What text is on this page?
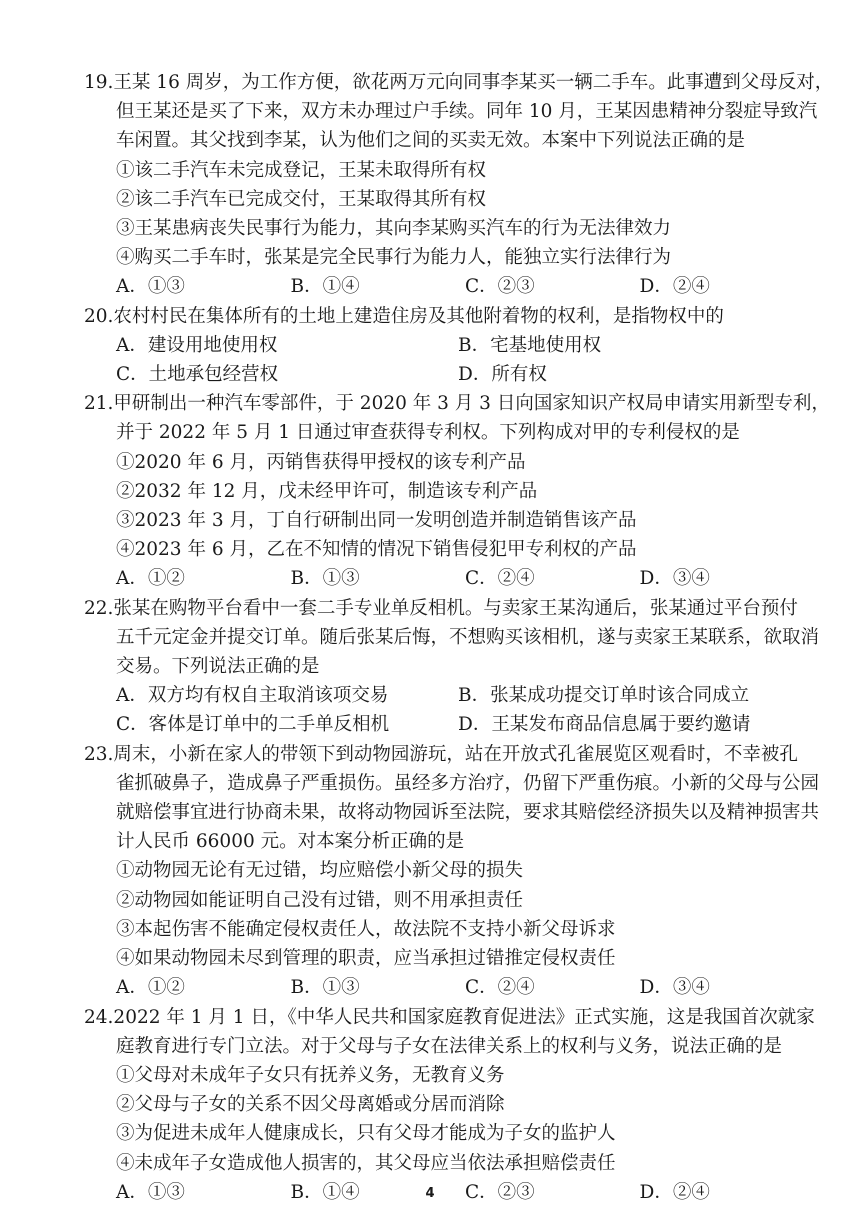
19.王某 16 周岁，为工作方便，欲花两万元向同事李某买一辆二手车。此事遭到父母反对，
但王某还是买了下来，双方未办理过户手续。同年 10 月，王某因患精神分裂症导致汽
车闲置。其父找到李某，认为他们之间的买卖无效。本案中下列说法正确的是
①该二手汽车未完成登记，王某未取得所有权
②该二手汽车已完成交付，王某取得其所有权
③王某患病丧失民事行为能力，其向李某购买汽车的行为无法律效力
④购买二手车时，张某是完全民事行为能力人，能独立实行法律行为
A．①③	B．①④	C．②③	D．②④
20.农村村民在集体所有的土地上建造住房及其他附着物的权利，是指物权中的
A．建设用地使用权	B．宅基地使用权
C．土地承包经营权	D．所有权
21.甲研制出一种汽车零部件，于 2020 年 3 月 3 日向国家知识产权局申请实用新型专利，
并于 2022 年 5 月 1 日通过审查获得专利权。下列构成对甲的专利侵权的是
①2020 年 6 月，丙销售获得甲授权的该专利产品
②2032 年 12 月，戊未经甲许可，制造该专利产品
③2023 年 3 月，丁自行研制出同一发明创造并制造销售该产品
④2023 年 6 月，乙在不知情的情况下销售侵犯甲专利权的产品
A．①②	B．①③	C．②④	D．③④
22.张某在购物平台看中一套二手专业单反相机。与卖家王某沟通后，张某通过平台预付
五千元定金并提交订单。随后张某后悔，不想购买该相机，遂与卖家王某联系，欲取消
交易。下列说法正确的是
A．双方均有权自主取消该项交易	B．张某成功提交订单时该合同成立
C．客体是订单中的二手单反相机	D．王某发布商品信息属于要约邀请
23.周末，小新在家人的带领下到动物园游玩，站在开放式孔雀展览区观看时，不幸被孔
雀抓破鼻子，造成鼻子严重损伤。虽经多方治疗，仍留下严重伤痕。小新的父母与公园
就赔偿事宜进行协商未果，故将动物园诉至法院，要求其赔偿经济损失以及精神损害共
计人民币 66000 元。对本案分析正确的是
①动物园无论有无过错，均应赔偿小新父母的损失
②动物园如能证明自己没有过错，则不用承担责任
③本起伤害不能确定侵权责任人，故法院不支持小新父母诉求
④如果动物园未尽到管理的职责，应当承担过错推定侵权责任
A．①②	B．①③	C．②④	D．③④
24.2022 年 1 月 1 日，《中华人民共和国家庭教育促进法》正式实施，这是我国首次就家
庭教育进行专门立法。对于父母与子女在法律关系上的权利与义务，说法正确的是
①父母对未成年子女只有抚养义务，无教育义务
②父母与子女的关系不因父母离婚或分居而消除
③为促进未成年人健康成长，只有父母才能成为子女的监护人
④未成年子女造成他人损害的，其父母应当依法承担赔偿责任
A．①③	B．①④	C．②③	D．②④
4
